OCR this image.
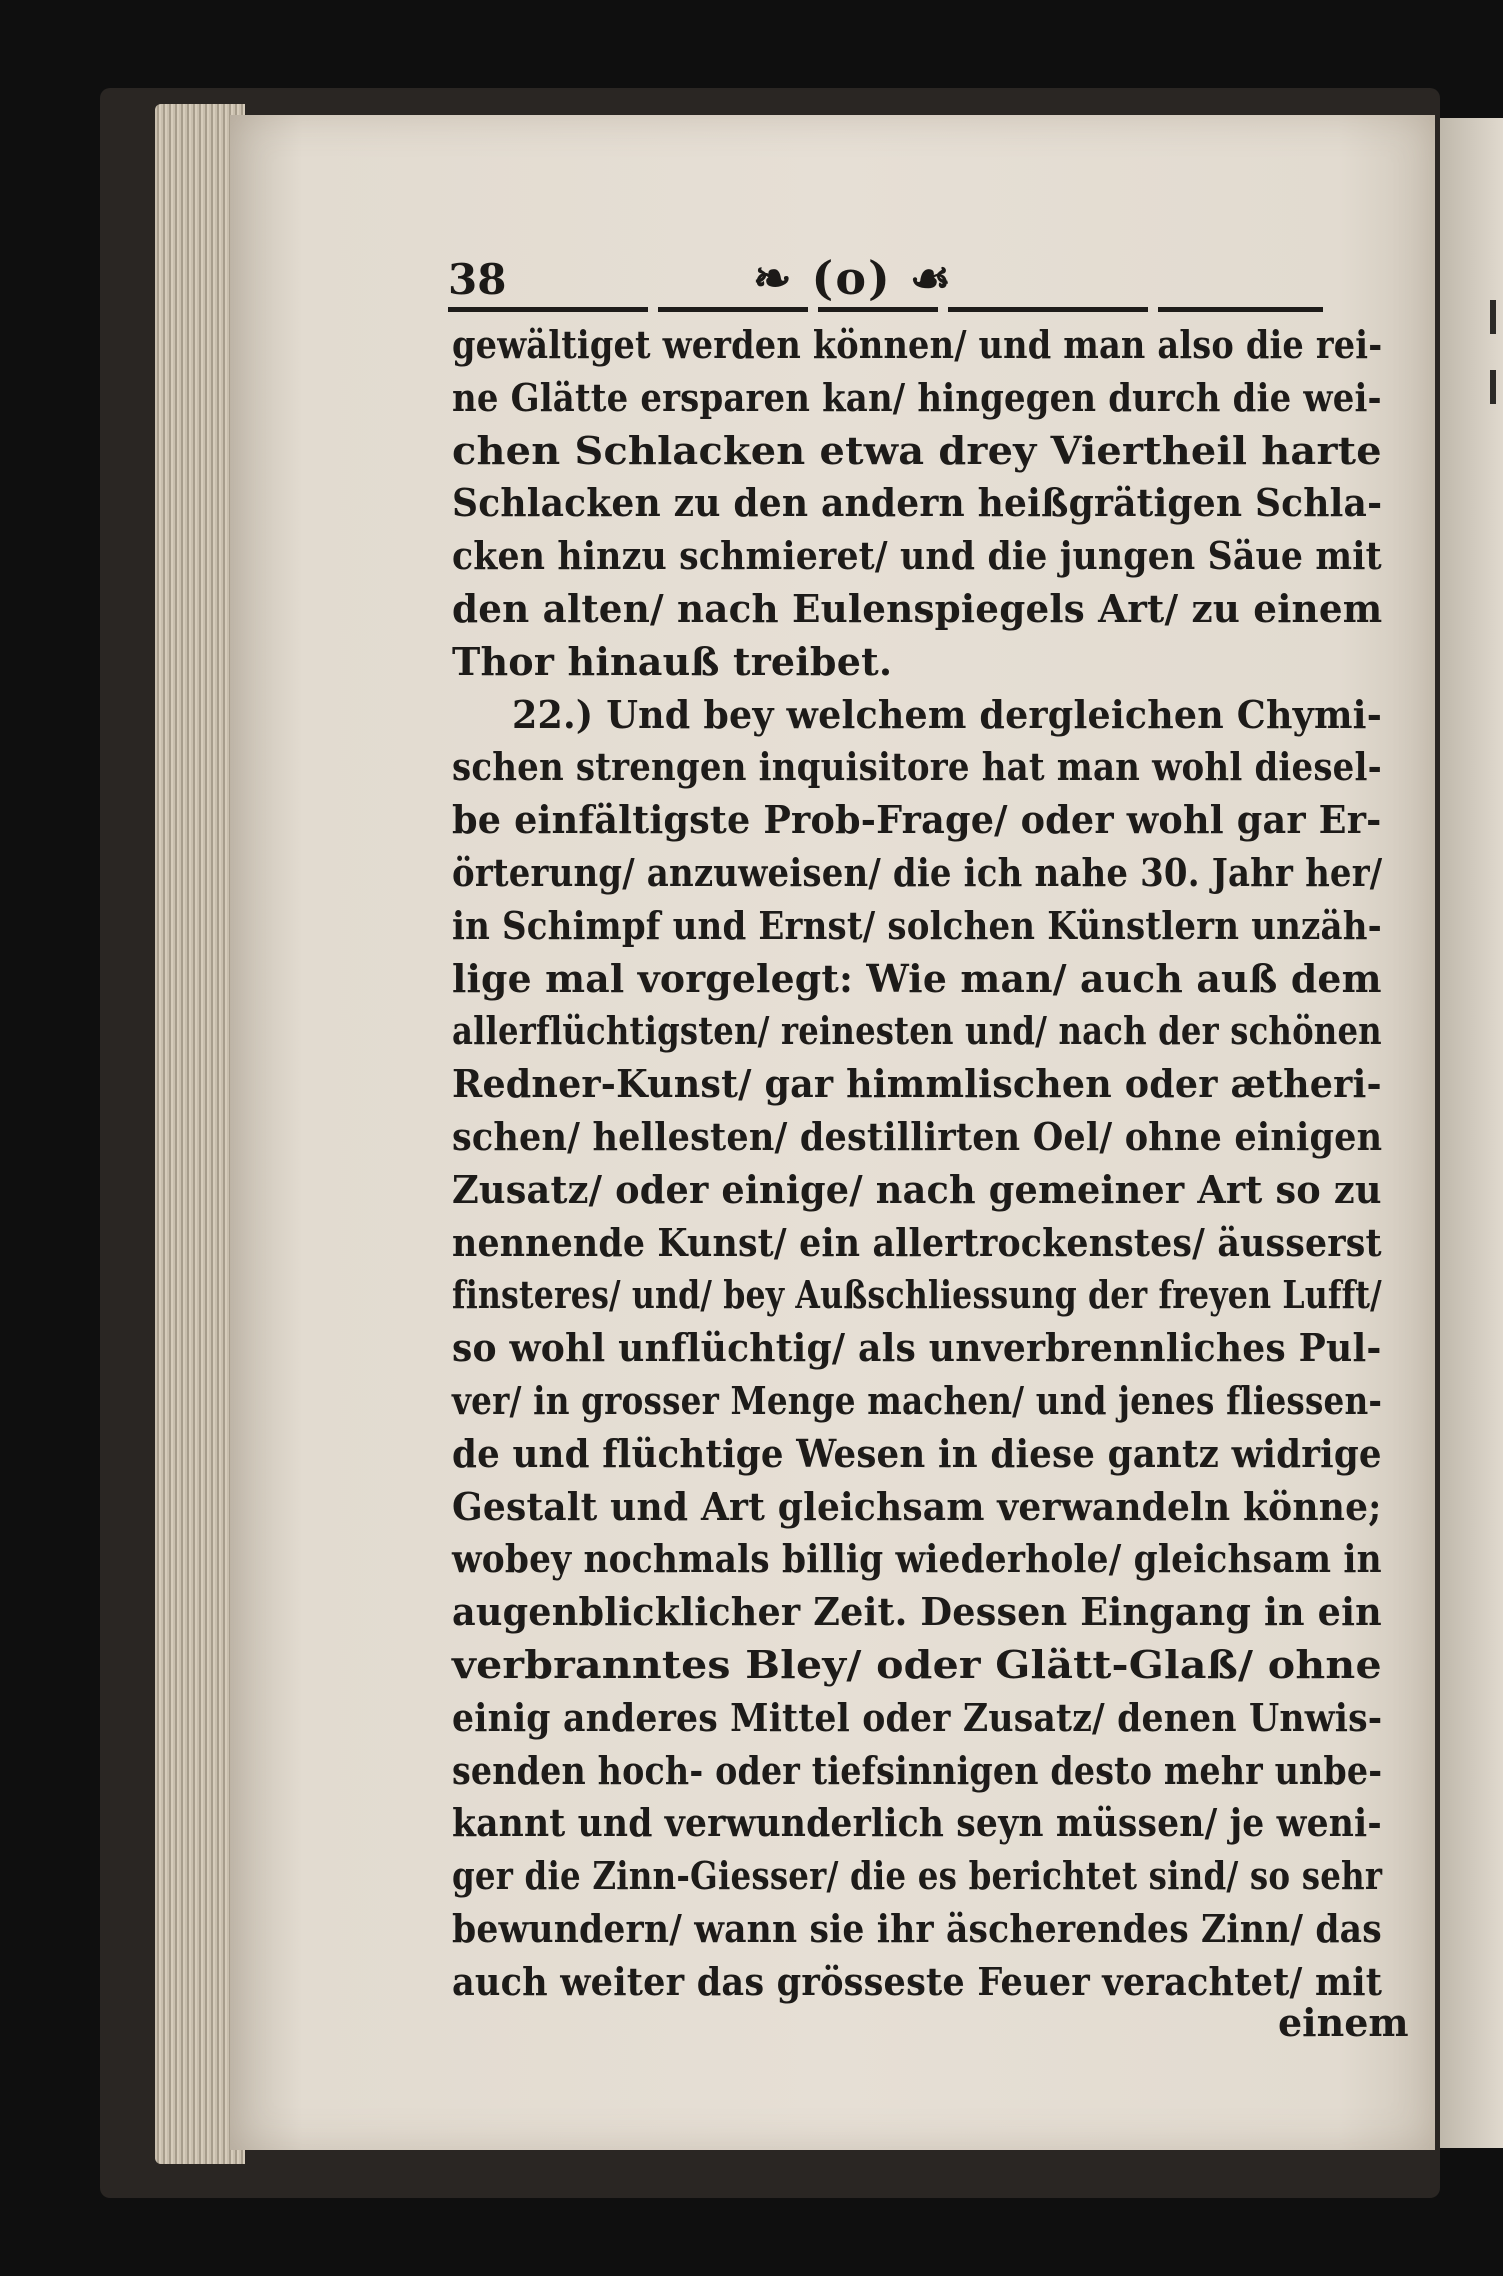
38	❧ (o) ☙
gewältiget werden können/ und man also die rei-
ne Glätte ersparen kan/ hingegen durch die wei-
chen Schlacken etwa drey Viertheil harte
Schlacken zu den andern heißgrätigen Schla-
cken hinzu schmieret/ und die jungen Säue mit
den alten/ nach Eulenspiegels Art/ zu einem
Thor hinauß treibet.
22.) Und bey welchem dergleichen Chymi-
schen strengen inquisitore hat man wohl diesel-
be einfältigste Prob-Frage/ oder wohl gar Er-
örterung/ anzuweisen/ die ich nahe 30. Jahr her/
in Schimpf und Ernst/ solchen Künstlern unzäh-
lige mal vorgelegt: Wie man/ auch auß dem
allerflüchtigsten/ reinesten und/ nach der schönen
Redner-Kunst/ gar himmlischen oder ætheri-
schen/ hellesten/ destillirten Oel/ ohne einigen
Zusatz/ oder einige/ nach gemeiner Art so zu
nennende Kunst/ ein allertrockenstes/ äusserst
finsteres/ und/ bey Außschliessung der freyen Lufft/
so wohl unflüchtig/ als unverbrennliches Pul-
ver/ in grosser Menge machen/ und jenes fliessen-
de und flüchtige Wesen in diese gantz widrige
Gestalt und Art gleichsam verwandeln könne;
wobey nochmals billig wiederhole/ gleichsam in
augenblicklicher Zeit. Dessen Eingang in ein
verbranntes Bley/ oder Glätt-Glaß/ ohne
einig anderes Mittel oder Zusatz/ denen Unwis-
senden hoch- oder tiefsinnigen desto mehr unbe-
kannt und verwunderlich seyn müssen/ je weni-
ger die Zinn-Giesser/ die es berichtet sind/ so sehr
bewundern/ wann sie ihr äscherendes Zinn/ das
auch weiter das grösseste Feuer verachtet/ mit
einem
